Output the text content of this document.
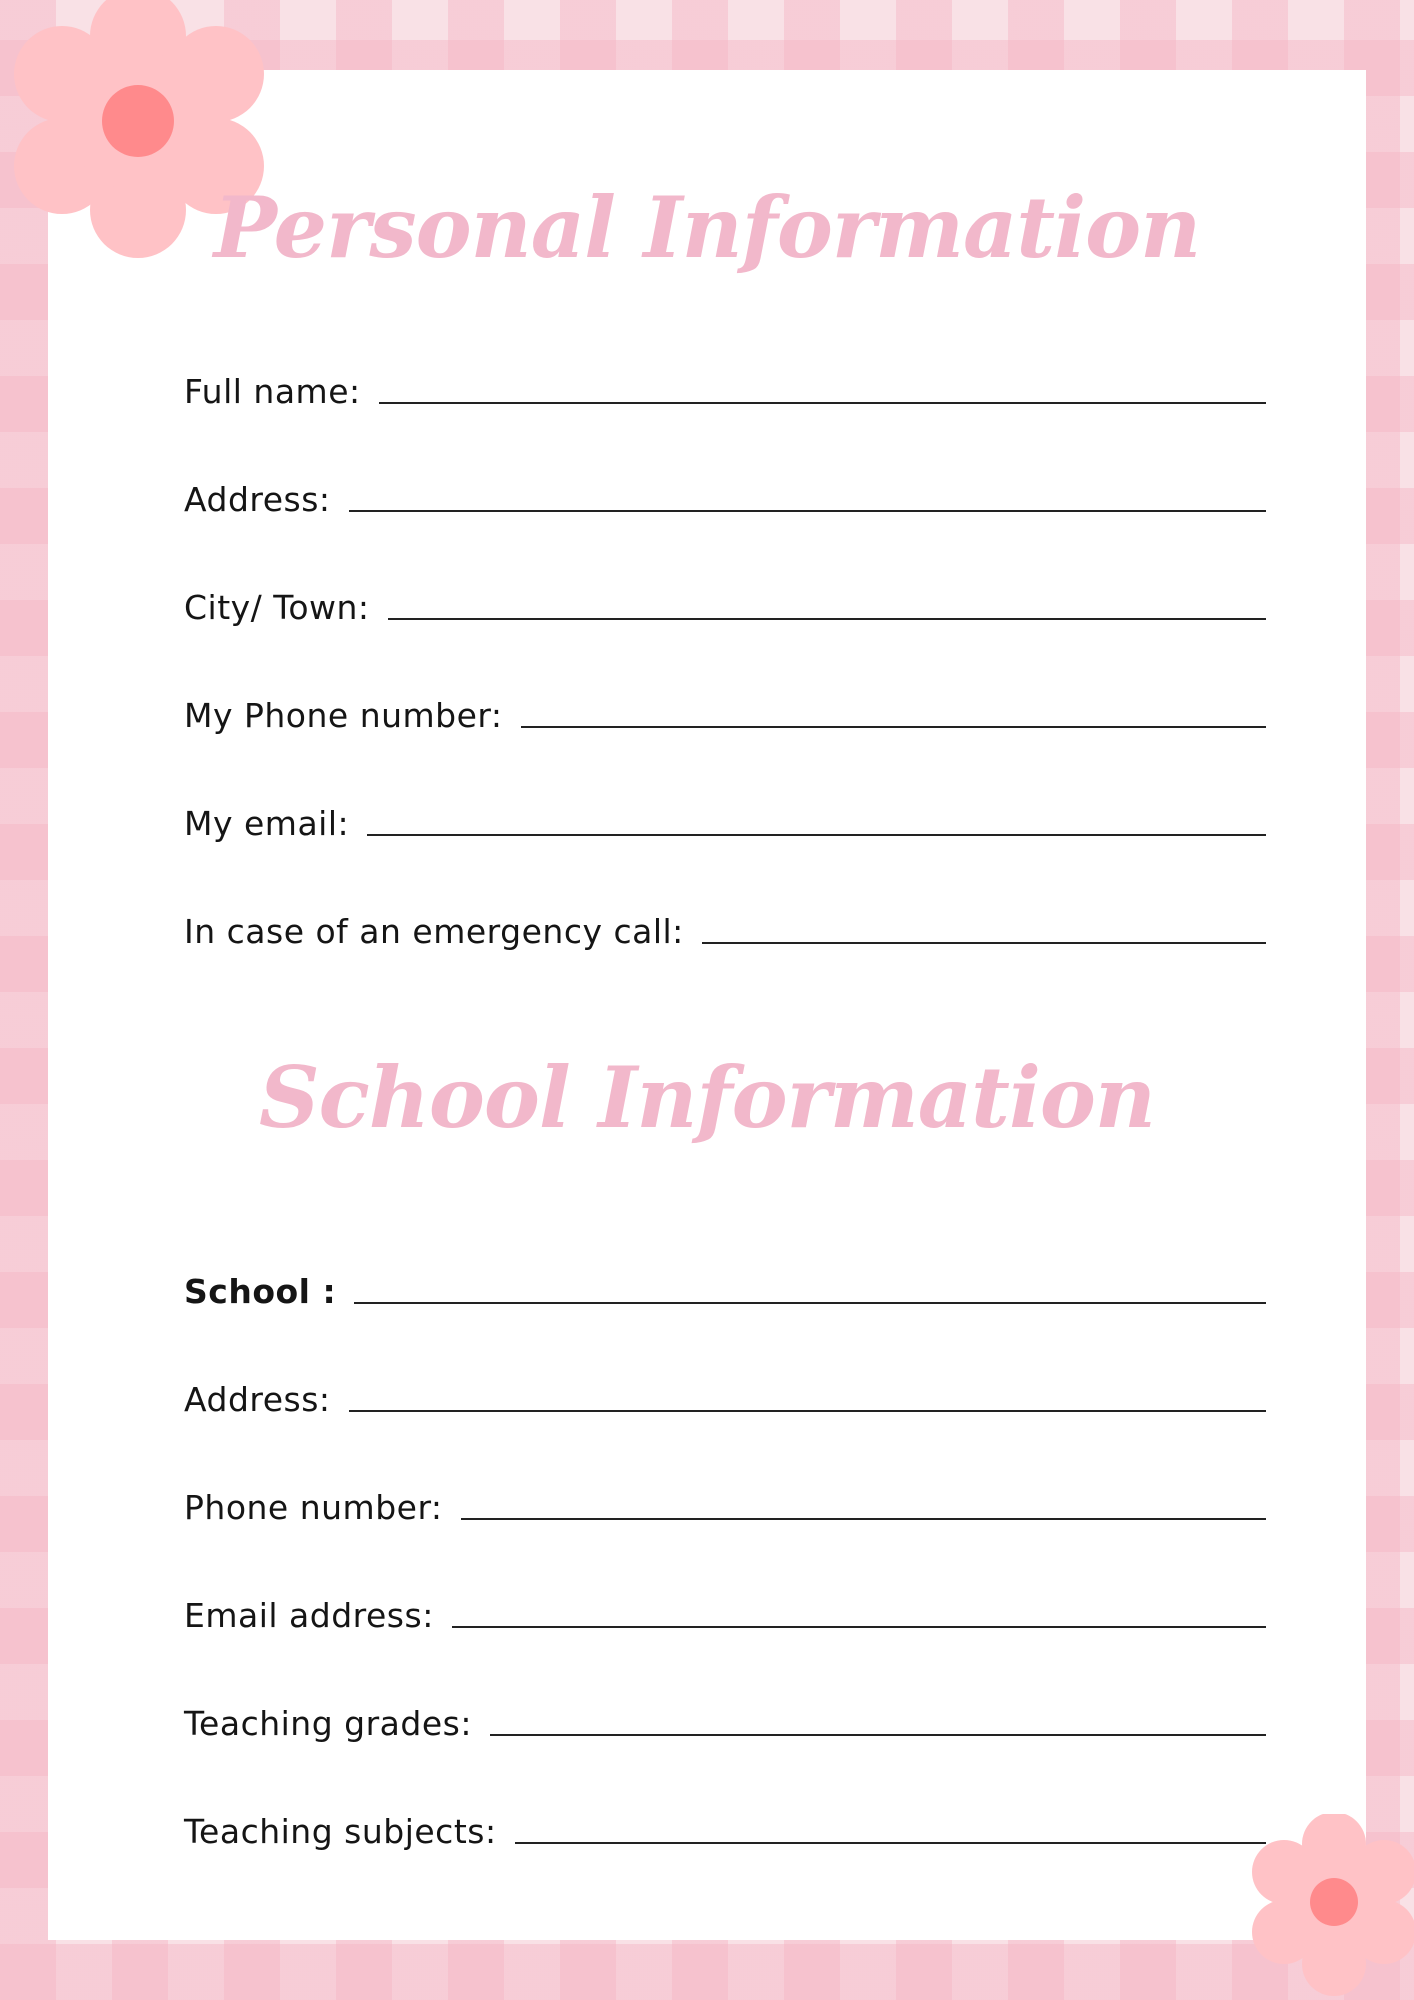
Personal Information
Full name:
Address:
City/ Town:
My Phone number:
My email:
In case of an emergency call:
School Information
School :
Address:
Phone number:
Email address:
Teaching grades:
Teaching subjects:
